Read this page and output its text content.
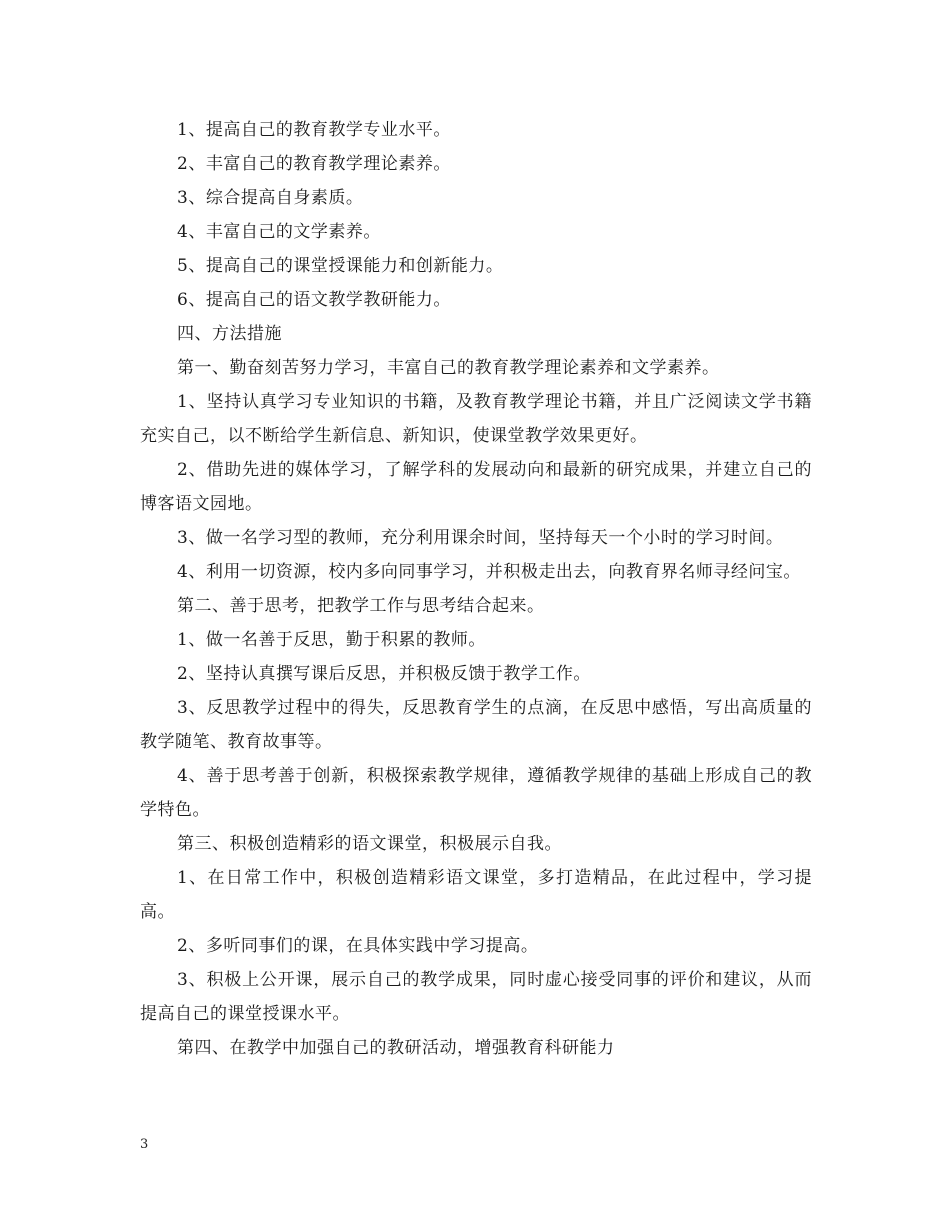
1、提高自己的教育教学专业水平。

2、丰富自己的教育教学理论素养。

3、综合提高自身素质。

4、丰富自己的文学素养。

5、提高自己的课堂授课能力和创新能力。

6、提高自己的语文教学教研能力。

四、方法措施

第一、勤奋刻苦努力学习，丰富自己的教育教学理论素养和文学素养。

1、坚持认真学习专业知识的书籍，及教育教学理论书籍，并且广泛阅读文学书籍充实自己，以不断给学生新信息、新知识，使课堂教学效果更好。

2、借助先进的媒体学习，了解学科的发展动向和最新的研究成果，并建立自己的博客语文园地。

3、做一名学习型的教师，充分利用课余时间，坚持每天一个小时的学习时间。

4、利用一切资源，校内多向同事学习，并积极走出去，向教育界名师寻经问宝。

第二、善于思考，把教学工作与思考结合起来。

1、做一名善于反思，勤于积累的教师。

2、坚持认真撰写课后反思，并积极反馈于教学工作。

3、反思教学过程中的得失，反思教育学生的点滴，在反思中感悟，写出高质量的教学随笔、教育故事等。

4、善于思考善于创新，积极探索教学规律，遵循教学规律的基础上形成自己的教学特色。

第三、积极创造精彩的语文课堂，积极展示自我。

1、在日常工作中，积极创造精彩语文课堂，多打造精品，在此过程中，学习提高。

2、多听同事们的课，在具体实践中学习提高。

3、积极上公开课，展示自己的教学成果，同时虚心接受同事的评价和建议，从而提高自己的课堂授课水平。

第四、在教学中加强自己的教研活动，增强教育科研能力

3
